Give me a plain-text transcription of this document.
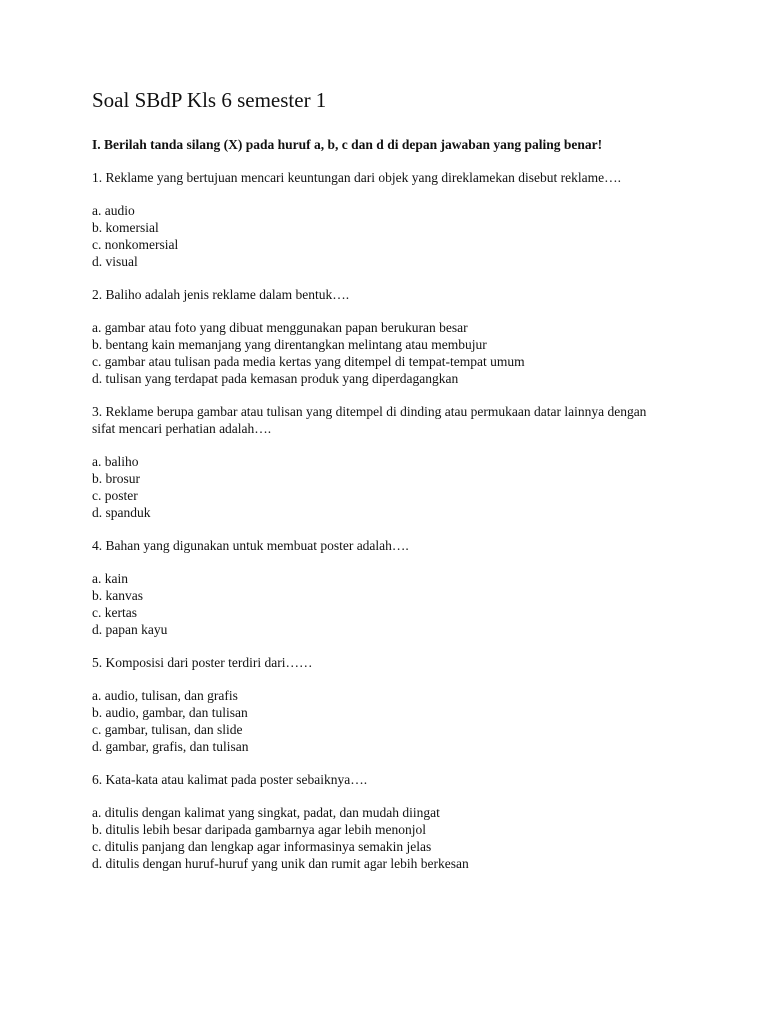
Soal SBdP Kls 6 semester 1

I. Berilah tanda silang (X) pada huruf a, b, c dan d di depan jawaban yang paling benar!

1. Reklame yang bertujuan mencari keuntungan dari objek yang direklamekan disebut reklame….

a. audio
b. komersial
c. nonkomersial
d. visual

2. Baliho adalah jenis reklame dalam bentuk….

a. gambar atau foto yang dibuat menggunakan papan berukuran besar
b. bentang kain memanjang yang direntangkan melintang atau membujur
c. gambar atau tulisan pada media kertas yang ditempel di tempat-tempat umum
d. tulisan yang terdapat pada kemasan produk yang diperdagangkan

3. Reklame berupa gambar atau tulisan yang ditempel di dinding atau permukaan datar lainnya dengan sifat mencari perhatian adalah….

a. baliho
b. brosur
c. poster
d. spanduk

4. Bahan yang digunakan untuk membuat poster adalah….

a. kain
b. kanvas
c. kertas
d. papan kayu

5. Komposisi dari poster terdiri dari……

a. audio, tulisan, dan grafis
b. audio, gambar, dan tulisan
c. gambar, tulisan, dan slide
d. gambar, grafis, dan tulisan

6. Kata-kata atau kalimat pada poster sebaiknya….

a. ditulis dengan kalimat yang singkat, padat, dan mudah diingat
b. ditulis lebih besar daripada gambarnya agar lebih menonjol
c. ditulis panjang dan lengkap agar informasinya semakin jelas
d. ditulis dengan huruf-huruf yang unik dan rumit agar lebih berkesan
